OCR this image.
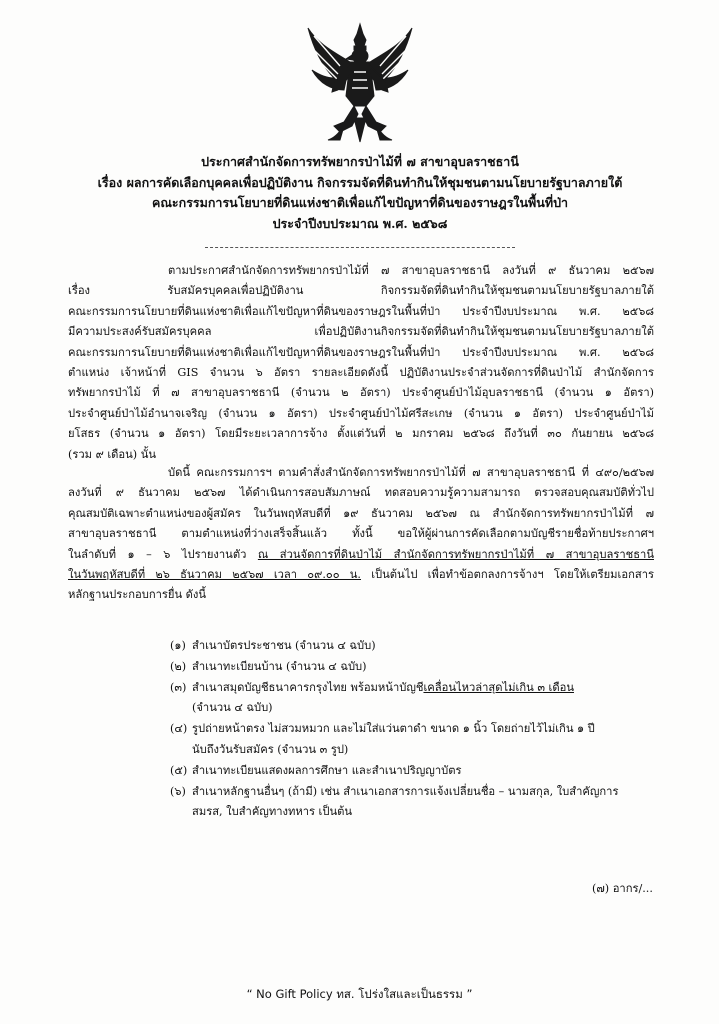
ประกาศสำนักจัดการทรัพยากรป่าไม้ที่ ๗ สาขาอุบลราชธานี
เรื่อง ผลการคัดเลือกบุคคลเพื่อปฏิบัติงาน กิจกรรมจัดที่ดินทำกินให้ชุมชนตามนโยบายรัฐบาลภายใต้
คณะกรรมการนโยบายที่ดินแห่งชาติเพื่อแก้ไขปัญหาที่ดินของราษฎรในพื้นที่ป่า
ประจำปีงบประมาณ พ.ศ. ๒๕๖๘
ตามประกาศสำนักจัดการทรัพยากรป่าไม้ที่ ๗ สาขาอุบลราชธานี ลงวันที่ ๙ ธันวาคม ๒๕๖๗
เรื่อง รับสมัครบุคคลเพื่อปฏิบัติงาน กิจกรรมจัดที่ดินทำกินให้ชุมชนตามนโยบายรัฐบาลภายใต้
คณะกรรมการนโยบายที่ดินแห่งชาติเพื่อแก้ไขปัญหาที่ดินของราษฎรในพื้นที่ป่า ประจำปีงบประมาณ พ.ศ. ๒๕๖๘
มีความประสงค์รับสมัครบุคคล เพื่อปฏิบัติงานกิจกรรมจัดที่ดินทำกินให้ชุมชนตามนโยบายรัฐบาลภายใต้
คณะกรรมการนโยบายที่ดินแห่งชาติเพื่อแก้ไขปัญหาที่ดินของราษฎรในพื้นที่ป่า ประจำปีงบประมาณ พ.ศ. ๒๕๖๘
ตำแหน่ง เจ้าหน้าที่ GIS จำนวน ๖ อัตรา รายละเอียดดังนี้ ปฏิบัติงานประจำส่วนจัดการที่ดินป่าไม้ สำนักจัดการ
ทรัพยากรป่าไม้ ที่ ๗ สาขาอุบลราชธานี (จำนวน ๒ อัตรา) ประจำศูนย์ป่าไม้อุบลราชธานี (จำนวน ๑ อัตรา)
ประจำศูนย์ป่าไม้อำนาจเจริญ (จำนวน ๑ อัตรา) ประจำศูนย์ป่าไม้ศรีสะเกษ (จำนวน ๑ อัตรา) ประจำศูนย์ป่าไม้
ยโสธร (จำนวน ๑ อัตรา) โดยมีระยะเวลาการจ้าง ตั้งแต่วันที่ ๒ มกราคม ๒๕๖๘ ถึงวันที่ ๓๐ กันยายน ๒๕๖๘
(รวม ๙ เดือน) นั้น
บัดนี้ คณะกรรมการฯ ตามคำสั่งสำนักจัดการทรัพยากรป่าไม้ที่ ๗ สาขาอุบลราชธานี ที่ ๔๙๐/๒๕๖๗
ลงวันที่ ๙ ธันวาคม ๒๕๖๗ ได้ดำเนินการสอบสัมภาษณ์ ทดสอบความรู้ความสามารถ ตรวจสอบคุณสมบัติทั่วไป
คุณสมบัติเฉพาะตำแหน่งของผู้สมัคร ในวันพฤหัสบดีที่ ๑๙ ธันวาคม ๒๕๖๗ ณ สำนักจัดการทรัพยากรป่าไม้ที่ ๗
สาขาอุบลราชธานี ตามตำแหน่งที่ว่างเสร็จสิ้นแล้ว ทั้งนี้ ขอให้ผู้ผ่านการคัดเลือกตามบัญชีรายชื่อท้ายประกาศฯ
ในลำดับที่ ๑ – ๖ ไปรายงานตัว ณ ส่วนจัดการที่ดินป่าไม้ สำนักจัดการทรัพยากรป่าไม้ที่ ๗ สาขาอุบลราชธานี
ในวันพฤหัสบดีที่ ๒๖ ธันวาคม ๒๕๖๗ เวลา ๐๙.๐๐ น. เป็นต้นไป เพื่อทำข้อตกลงการจ้างฯ โดยให้เตรียมเอกสาร
หลักฐานประกอบการยื่น ดังนี้
(๑) สำเนาบัตรประชาชน (จำนวน ๔ ฉบับ)
(๒) สำเนาทะเบียนบ้าน (จำนวน ๔ ฉบับ)
(๓) สำเนาสมุดบัญชีธนาคารกรุงไทย พร้อมหน้าบัญชีเคลื่อนไหวล่าสุดไม่เกิน ๓ เดือน
(จำนวน ๔ ฉบับ)
(๔) รูปถ่ายหน้าตรง ไม่สวมหมวก และไม่ใส่แว่นตาดำ ขนาด ๑ นิ้ว โดยถ่ายไว้ไม่เกิน ๑ ปี
นับถึงวันรับสมัคร (จำนวน ๓ รูป)
(๕) สำเนาทะเบียนแสดงผลการศึกษา และสำเนาปริญญาบัตร
(๖) สำเนาหลักฐานอื่นๆ (ถ้ามี) เช่น สำเนาเอกสารการแจ้งเปลี่ยนชื่อ – นามสกุล, ใบสำคัญการ
สมรส, ใบสำคัญทางทหาร เป็นต้น
(๗) อากร/...
“ No Gift Policy ทส. โปร่งใสและเป็นธรรม ”
